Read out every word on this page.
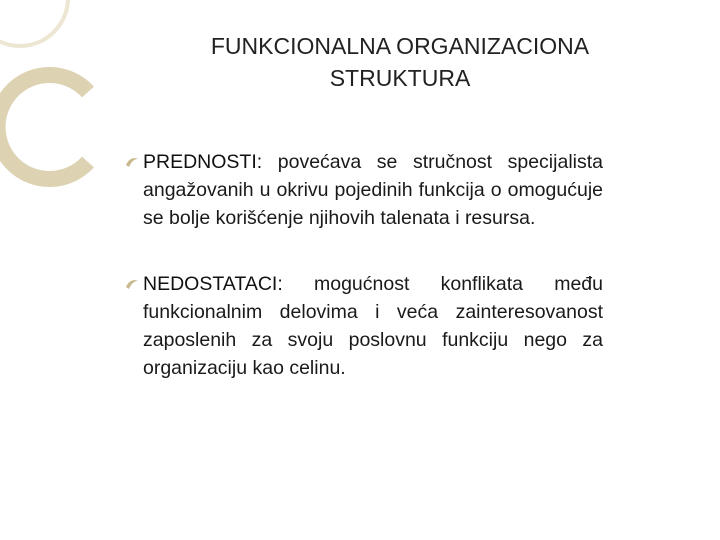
FUNKCIONALNA ORGANIZACIONA
STRUKTURA
PREDNOSTI: povećava se stručnost specijalista angažovanih u okrivu pojedinih funkcija o omogućuje se bolje korišćenje njihovih talenata i resursa.
NEDOSTATACI: mogućnost konflikata među funkcionalnim delovima i veća zainteresovanost zaposlenih za svoju poslovnu funkciju nego za organizaciju kao celinu.
